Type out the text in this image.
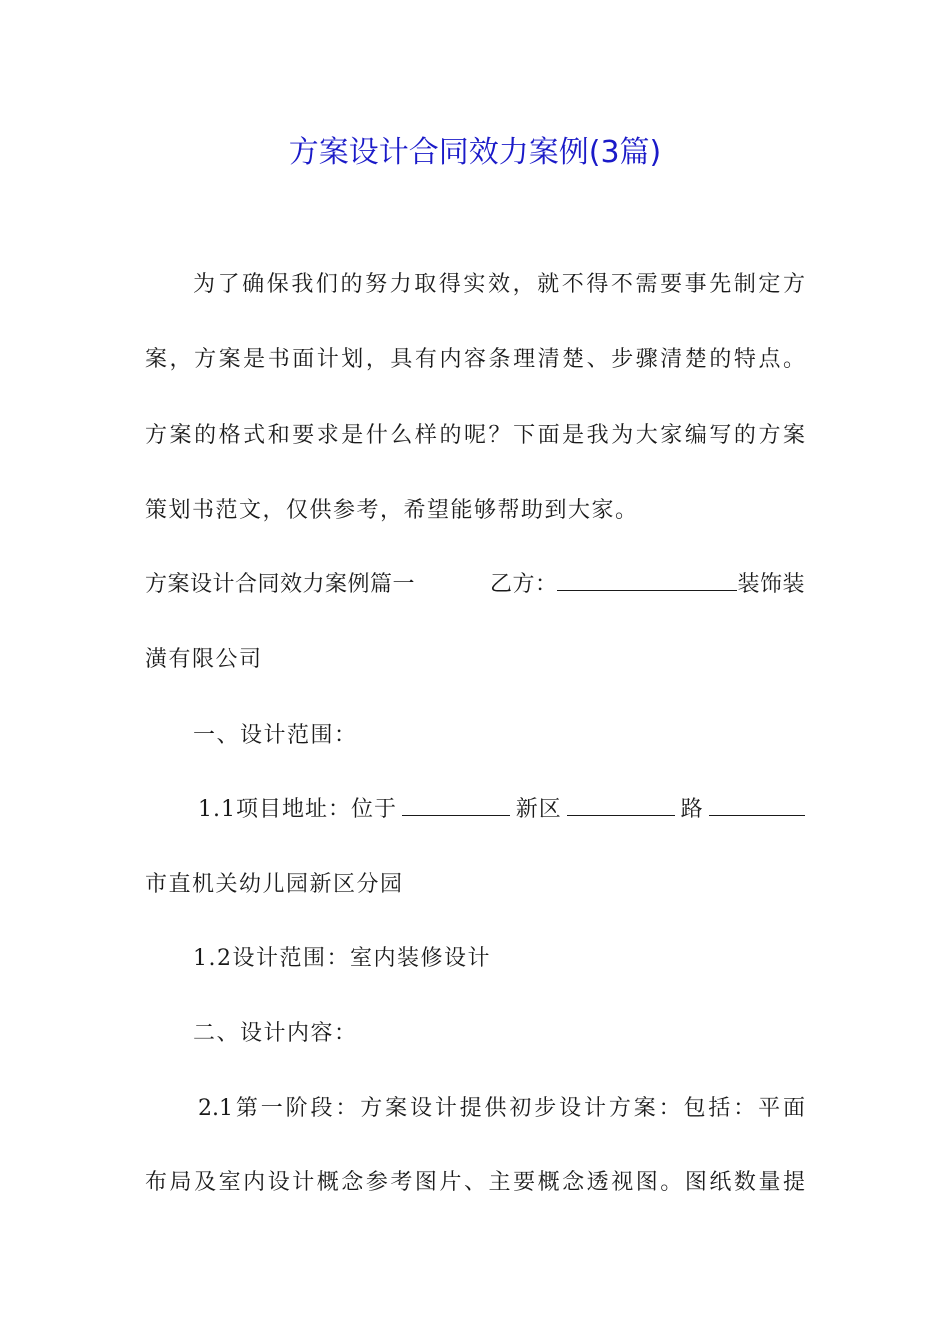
方案设计合同效力案例(3篇)
为了确保我们的努力取得实效，就不得不需要事先制定方
案，方案是书面计划，具有内容条理清楚、步骤清楚的特点。
方案的格式和要求是什么样的呢？下面是我为大家编写的方案
策划书范文，仅供参考，希望能够帮助到大家。
方案设计合同效力案例篇一	乙方：	装饰装
潢有限公司
一、设计范围：
1.1项目地址：位于	新区	路
市直机关幼儿园新区分园
1.2设计范围：室内装修设计
二、设计内容：
2.1第一阶段：方案设计提供初步设计方案：包括：平面
布局及室内设计概念参考图片、主要概念透视图。图纸数量提
